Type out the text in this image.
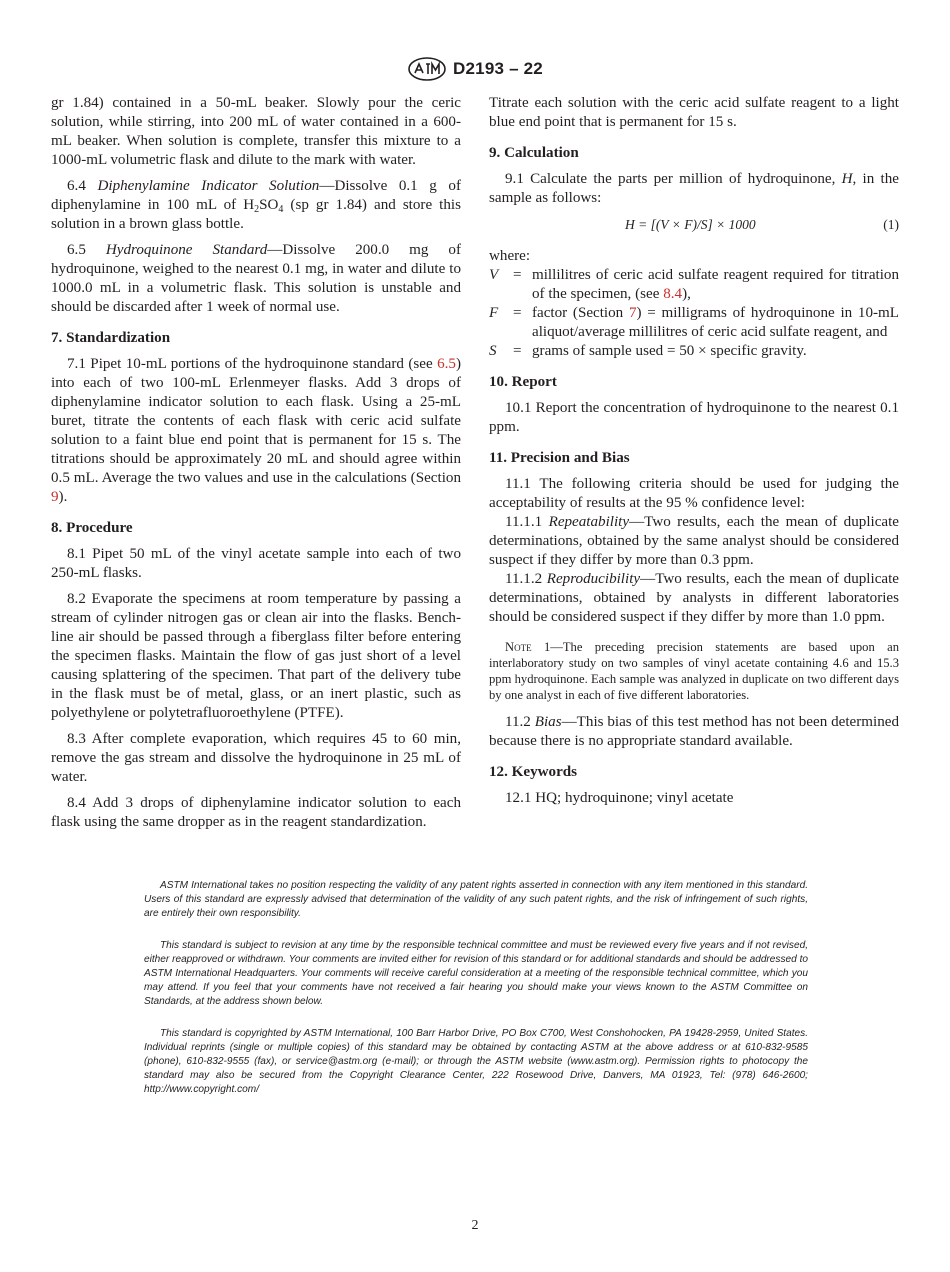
D2193 – 22

gr 1.84) contained in a 50-mL beaker. Slowly pour the ceric solution, while stirring, into 200 mL of water contained in a 600-mL beaker. When solution is complete, transfer this mixture to a 1000-mL volumetric flask and dilute to the mark with water.

6.4 Diphenylamine Indicator Solution—Dissolve 0.1 g of diphenylamine in 100 mL of $H_2SO_4$ (sp gr 1.84) and store this solution in a brown glass bottle.

6.5 Hydroquinone Standard—Dissolve 200.0 mg of hydroquinone, weighed to the nearest 0.1 mg, in water and dilute to 1000.0 mL in a volumetric flask. This solution is unstable and should be discarded after 1 week of normal use.

7. Standardization

7.1 Pipet 10-mL portions of the hydroquinone standard (see 6.5) into each of two 100-mL Erlenmeyer flasks. Add 3 drops of diphenylamine indicator solution to each flask. Using a 25-mL buret, titrate the contents of each flask with ceric acid sulfate solution to a faint blue end point that is permanent for 15 s. The titrations should be approximately 20 mL and should agree within 0.5 mL. Average the two values and use in the calculations (Section 9).

8. Procedure

8.1 Pipet 50 mL of the vinyl acetate sample into each of two 250-mL flasks.

8.2 Evaporate the specimens at room temperature by passing a stream of cylinder nitrogen gas or clean air into the flasks. Bench-line air should be passed through a fiberglass filter before entering the specimen flasks. Maintain the flow of gas just short of a level causing splattering of the specimen. That part of the delivery tube in the flask must be of metal, glass, or an inert plastic, such as polyethylene or polytetrafluoroethylene (PTFE).

8.3 After complete evaporation, which requires 45 to 60 min, remove the gas stream and dissolve the hydroquinone in 25 mL of water.

8.4 Add 3 drops of diphenylamine indicator solution to each flask using the same dropper as in the reagent standardization.

Titrate each solution with the ceric acid sulfate reagent to a light blue end point that is permanent for 15 s.

9. Calculation

9.1 Calculate the parts per million of hydroquinone, H, in the sample as follows:

H = [(V × F)/S] × 1000	(1)

where:

V = millilitres of ceric acid sulfate reagent required for titration of the specimen, (see 8.4),
F = factor (Section 7) = milligrams of hydroquinone in 10-mL aliquot/average millilitres of ceric acid sulfate reagent, and
S	= grams of sample used = 50 × specific gravity.
10. Report

10.1 Report the concentration of hydroquinone to the nearest 0.1 ppm.

11. Precision and Bias

11.1 The following criteria should be used for judging the acceptability of results at the 95 % confidence level:

11.1.1 Repeatability—Two results, each the mean of duplicate determinations, obtained by the same analyst should be considered suspect if they differ by more than 0.3 ppm.

11.1.2 Reproducibility—Two results, each the mean of duplicate determinations, obtained by analysts in different laboratories should be considered suspect if they differ by more than 1.0 ppm.

Note 1—The preceding precision statements are based upon an interlaboratory study on two samples of vinyl acetate containing 4.6 and 15.3 ppm hydroquinone. Each sample was analyzed in duplicate on two different days by one analyst in each of five different laboratories.

11.2 Bias—This bias of this test method has not been determined because there is no appropriate standard available.

12. Keywords

12.1 HQ; hydroquinone; vinyl acetate

ASTM International takes no position respecting the validity of any patent rights asserted in connection with any item mentioned in this standard. Users of this standard are expressly advised that determination of the validity of any such patent rights, and the risk of infringement of such rights, are entirely their own responsibility.

This standard is subject to revision at any time by the responsible technical committee and must be reviewed every five years and if not revised, either reapproved or withdrawn. Your comments are invited either for revision of this standard or for additional standards and should be addressed to ASTM International Headquarters. Your comments will receive careful consideration at a meeting of the responsible technical committee, which you may attend. If you feel that your comments have not received a fair hearing you should make your views known to the ASTM Committee on Standards, at the address shown below.

This standard is copyrighted by ASTM International, 100 Barr Harbor Drive, PO Box C700, West Conshohocken, PA 19428-2959, United States. Individual reprints (single or multiple copies) of this standard may be obtained by contacting ASTM at the above address or at 610-832-9585 (phone), 610-832-9555 (fax), or service@astm.org (e-mail); or through the ASTM website (www.astm.org). Permission rights to photocopy the standard may also be secured from the Copyright Clearance Center, 222 Rosewood Drive, Danvers, MA 01923, Tel: (978) 646-2600; http://www.copyright.com/

2
